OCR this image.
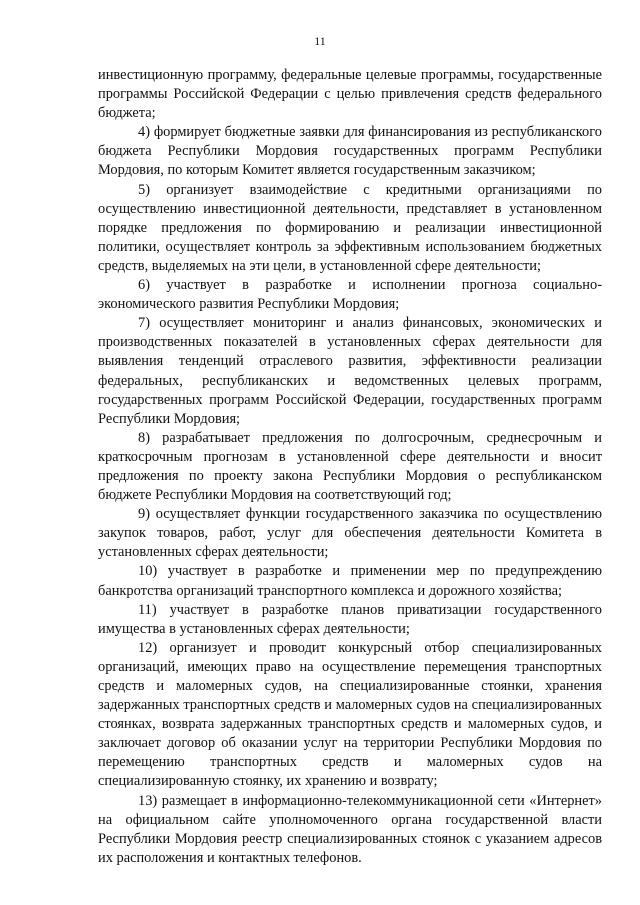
11

инвестиционную программу, федеральные целевые программы, государственные программы Российской Федерации с целью привлечения средств федерального бюджета;

4) формирует бюджетные заявки для финансирования из республиканского бюджета Республики Мордовия государственных программ Республики Мордовия, по которым Комитет является государственным заказчиком;

5) организует взаимодействие с кредитными организациями по осуществлению инвестиционной деятельности, представляет в установленном порядке предложения по формированию и реализации инвестиционной политики, осуществляет контроль за эффективным использованием бюджетных средств, выделяемых на эти цели, в установленной сфере деятельности;

6) участвует в разработке и исполнении прогноза социально-экономического развития Республики Мордовия;

7) осуществляет мониторинг и анализ финансовых, экономических и производственных показателей в установленных сферах деятельности для выявления тенденций отраслевого развития, эффективности реализации федеральных, республиканских и ведомственных целевых программ, государственных программ Российской Федерации, государственных программ Республики Мордовия;

8) разрабатывает предложения по долгосрочным, среднесрочным и краткосрочным прогнозам в установленной сфере деятельности и вносит предложения по проекту закона Республики Мордовия о республиканском бюджете Республики Мордовия на соответствующий год;

9) осуществляет функции государственного заказчика по осуществлению закупок товаров, работ, услуг для обеспечения деятельности Комитета в установленных сферах деятельности;

10) участвует в разработке и применении мер по предупреждению банкротства организаций транспортного комплекса и дорожного хозяйства;

11) участвует в разработке планов приватизации государственного имущества в установленных сферах деятельности;

12) организует и проводит конкурсный отбор специализированных организаций, имеющих право на осуществление перемещения транспортных средств и маломерных судов, на специализированные стоянки, хранения задержанных транспортных средств и маломерных судов на специализированных стоянках, возврата задержанных транспортных средств и маломерных судов, и заключает договор об оказании услуг на территории Республики Мордовия по перемещению транспортных средств и маломерных судов на специализированную стоянку, их хранению и возврату;

13) размещает в информационно-телекоммуникационной сети «Интернет» на официальном сайте уполномоченного органа государственной власти Республики Мордовия реестр специализированных стоянок с указанием адресов их расположения и контактных телефонов.
